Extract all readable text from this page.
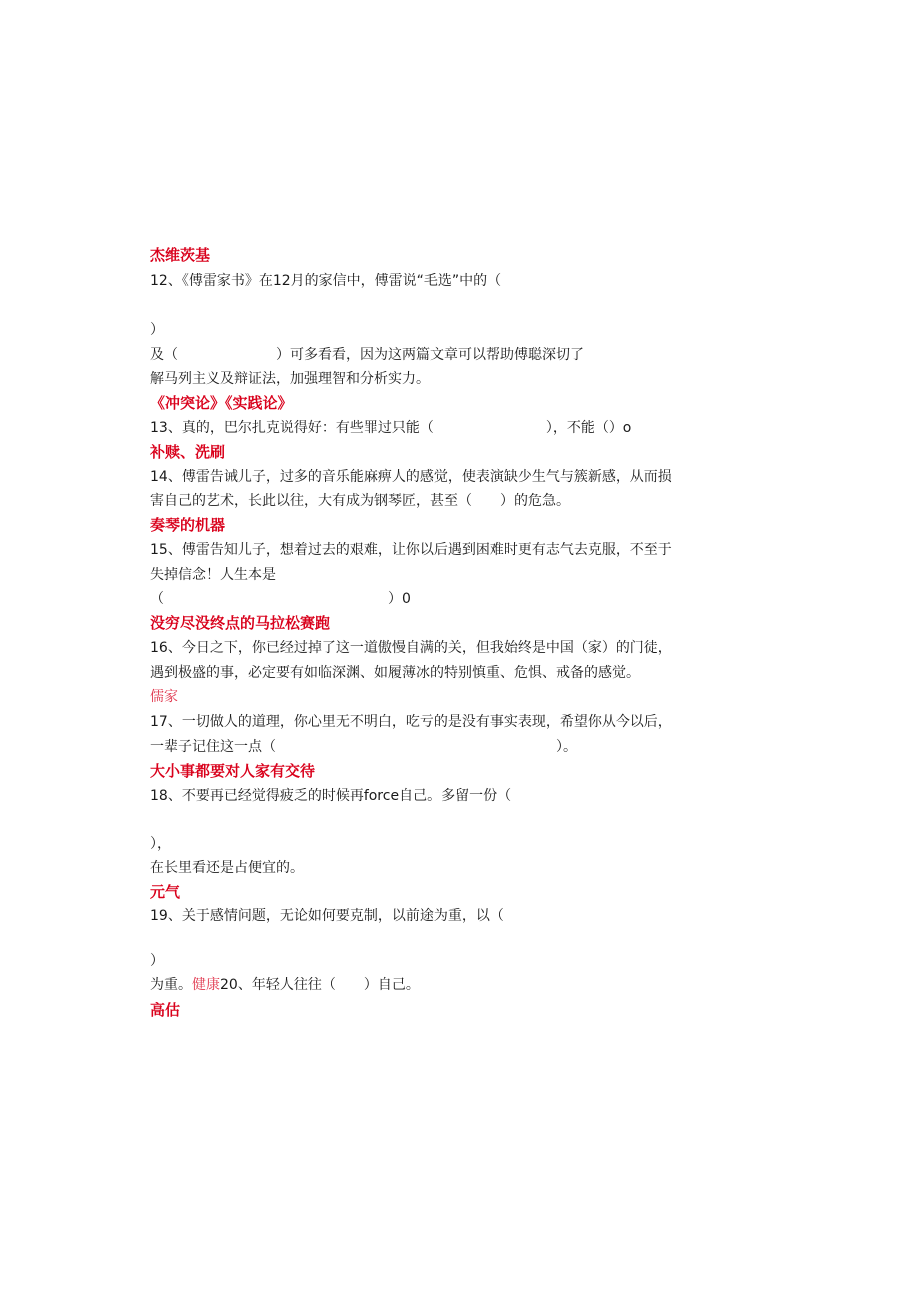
杰维茨基
12、《傅雷家书》在12月的家信中，傅雷说“毛选”中的（
）
及（　　　　　　　）可多看看，因为这两篇文章可以帮助傅聪深切了
解马列主义及辩证法，加强理智和分析实力。
《冲突论》《实践论》
13、真的，巴尔扎克说得好：有些罪过只能（　　　　　　　　），不能（）o
补赎、洗刷
14、傅雷告诫儿子，过多的音乐能麻痹人的感觉，使表演缺少生气与簇新感，从而损
害自己的艺术，长此以往，大有成为钢琴匠，甚至（　　）的危急。
奏琴的机器
15、傅雷告知儿子，想着过去的艰难，让你以后遇到困难时更有志气去克服，不至于
失掉信念！人生本是
（　　　　　　　　　　　　　　　　）0
没穷尽没终点的马拉松赛跑
16、今日之下，你已经过掉了这一道傲慢自满的关，但我始终是中国（家）的门徒，
遇到极盛的事，必定要有如临深渊、如履薄冰的特别慎重、危惧、戒备的感觉。
儒家
17、一切做人的道理，你心里无不明白，吃亏的是没有事实表现，希望你从今以后，
一辈子记住这一点（　　　　　　　　　　　　　　　　　　　　）。
大小事都要对人家有交待
18、不要再已经觉得疲乏的时候再force自己。多留一份（
），
在长里看还是占便宜的。
元气
19、关于感情问题，无论如何要克制，以前途为重，以（
）
为重。健康20、年轻人往往（　　）自己。
高估
